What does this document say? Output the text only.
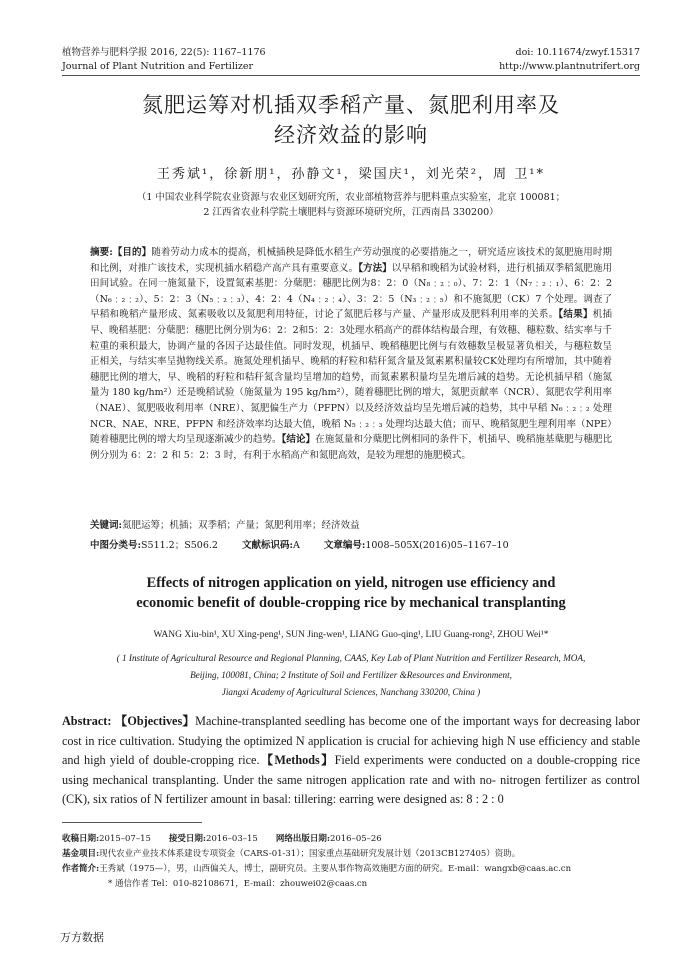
植物营养与肥料学报 2016, 22(5): 1167–1176
Journal of Plant Nutrition and Fertilizer
doi: 10.11674/zwyf.15317
http://www.plantnutrifert.org
氮肥运筹对机插双季稻产量、氮肥利用率及
经济效益的影响
王秀斌¹，徐新朋¹，孙静文¹，梁国庆¹，刘光荣²，周 卫¹*
（1 中国农业科学院农业资源与农业区划研究所，农业部植物营养与肥料重点实验室，北京 100081；
2 江西省农业科学院土壤肥料与资源环境研究所，江西南昌 330200）
摘要:【目的】随着劳动力成本的提高，机械插秧是降低水稻生产劳动强度的必要措施之一，研究适应该技术的氮肥施用时期和比例，对推广该技术，实现机插水稻稳产高产具有重要意义。【方法】以早稻和晚稻为试验材料，进行机插双季稻氮肥施用田间试验。在同一施氮量下，设置氮素基肥：分蘖肥：穗肥比例为8：2：0（N₈﹕₂﹕₀）、7：2：1（N₇﹕₂﹕₁）、6：2：2（N₆﹕₂﹕₂）、5：2：3（N₅﹕₂﹕₃）、4：2：4（N₄﹕₂﹕₄）、3：2：5（N₃﹕₂﹕₅）和不施氮肥（CK）7 个处理。调查了早稻和晚稻产量形成、氮素吸收以及氮肥利用特征，讨论了氮肥后移与产量、产量形成及肥料利用率的关系。【结果】机插早、晚稻基肥：分蘖肥：穗肥比例分别为6：2：2和5：2：3处理水稻高产的群体结构最合理，有效穗、穗粒数、结实率与千粒重的乘积最大，协调产量的各因子达最佳值。同时发现，机插早、晚稻穗肥比例与有效穗数呈极显著负相关，与穗粒数呈正相关，与结实率呈抛物线关系。施氮处理机插早、晚稻的籽粒和秸秆氮含量及氮素累积量较CK处理均有所增加，其中随着穗肥比例的增大，早、晚稻的籽粒和秸秆氮含量均呈增加的趋势，而氮素累积量均呈先增后减的趋势。无论机插早稻（施氮量为 180 kg/hm²）还是晚稻试验（施氮量为 195 kg/hm²），随着穗肥比例的增大，氮肥贡献率（NCR）、氮肥农学利用率（NAE）、氮肥吸收利用率（NRE）、氮肥偏生产力（PFPN）以及经济效益均呈先增后减的趋势，其中早稻 N₆﹕₂﹕₂ 处理 NCR、NAE、NRE、PFPN 和经济效率均达最大值，晚稻 N₅﹕₂﹕₃ 处理均达最大值；而早、晚稻氮肥生理利用率（NPE）随着穗肥比例的增大均呈现逐渐减少的趋势。【结论】在施氮量和分蘖肥比例相同的条件下，机插早、晚稻施基蘖肥与穗肥比例分别为 6：2：2 和 5：2：3 时，有利于水稻高产和氮肥高效，是较为理想的施肥模式。
关键词:氮肥运筹；机插；双季稻；产量；氮肥利用率；经济效益
中图分类号:S511.2；S506.2	文献标识码:A	文章编号:1008–505X(2016)05–1167–10
Effects of nitrogen application on yield, nitrogen use efficiency and
economic benefit of double-cropping rice by mechanical transplanting
WANG Xiu-bin¹, XU Xing-peng¹, SUN Jing-wen¹, LIANG Guo-qing¹, LIU Guang-rong², ZHOU Wei¹*
( 1 Institute of Agricultural Resource and Regional Planning, CAAS, Key Lab of Plant Nutrition and Fertilizer Research, MOA,
Beijing, 100081, China; 2 Institute of Soil and Fertilizer &Resources and Environment,
Jiangxi Academy of Agricultural Sciences, Nanchang 330200, China )
Abstract: 【Objectives】Machine-transplanted seedling has become one of the important ways for decreasing labor cost in rice cultivation. Studying the optimized N application is crucial for achieving high N use efficiency and stable and high yield of double-cropping rice.【Methods】Field experiments were conducted on a double-cropping rice using mechanical transplanting. Under the same nitrogen application rate and with no- nitrogen fertilizer as control (CK), six ratios of N fertilizer amount in basal: tillering: earring were designed as: 8 : 2 : 0
收稿日期:2015–07–15 接受日期:2016–03–15 网络出版日期:2016–05–26
基金项目:现代农业产业技术体系建设专项资金（CARS-01-31）；国家重点基础研究发展计划（2013CB127405）资助。
作者简介:王秀斌（1975—），男，山西偏关人，博士，副研究员。主要从事作物高效施肥方面的研究。E-mail：wangxb@caas.ac.cn
* 通信作者 Tel：010-82108671，E-mail：zhouwei02@caas.cn
万方数据
